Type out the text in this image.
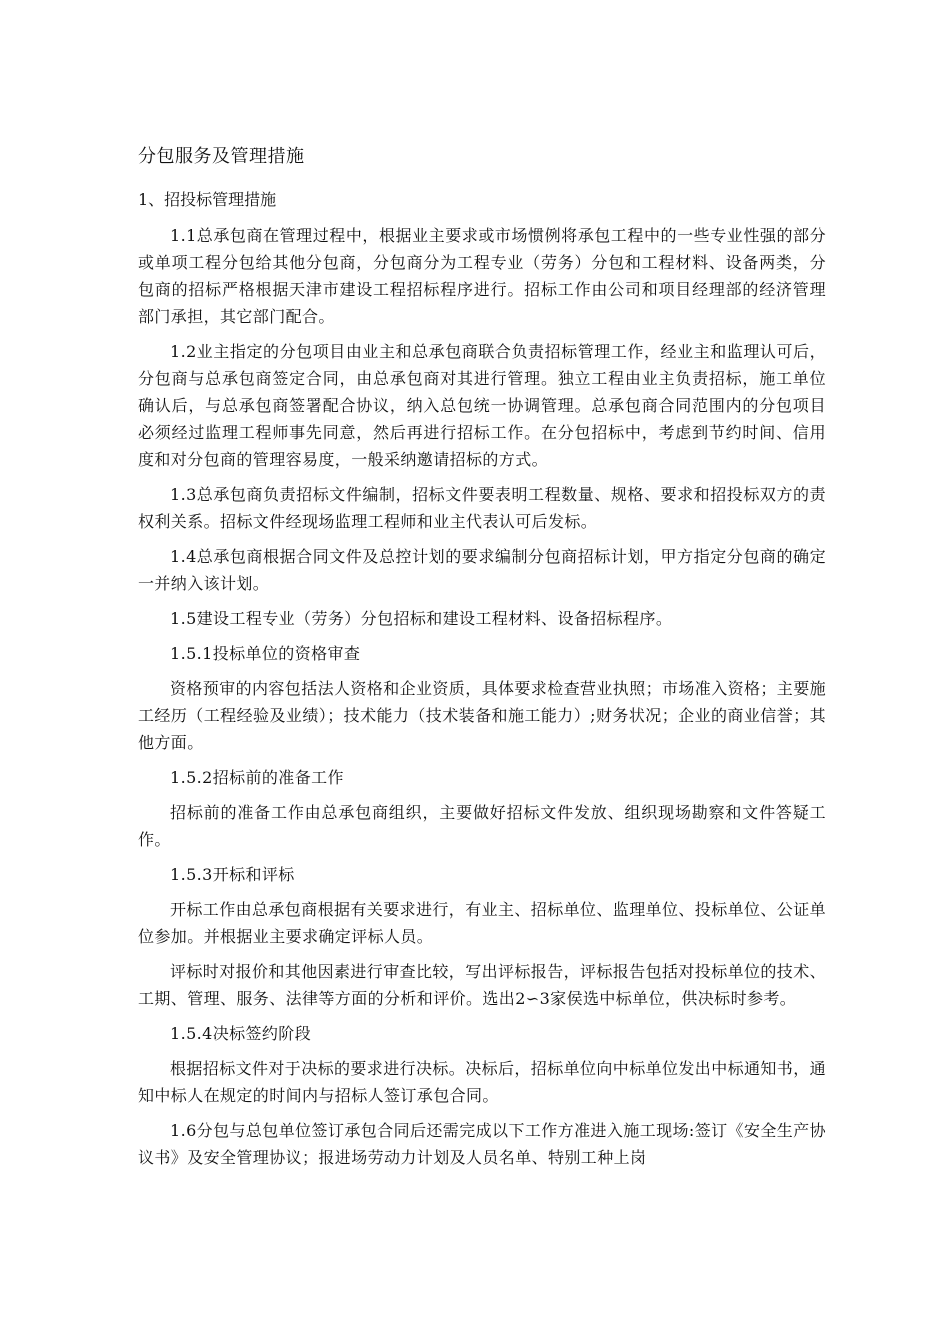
分包服务及管理措施
1、招投标管理措施

1.1总承包商在管理过程中，根据业主要求或市场惯例将承包工程中的一些专业性强的部分或单项工程分包给其他分包商，分包商分为工程专业（劳务）分包和工程材料、设备两类，分包商的招标严格根据天津市建设工程招标程序进行。招标工作由公司和项目经理部的经济管理部门承担，其它部门配合。

1.2业主指定的分包项目由业主和总承包商联合负责招标管理工作，经业主和监理认可后，分包商与总承包商签定合同，由总承包商对其进行管理。独立工程由业主负责招标，施工单位确认后，与总承包商签署配合协议，纳入总包统一协调管理。总承包商合同范围内的分包项目必须经过监理工程师事先同意，然后再进行招标工作。在分包招标中，考虑到节约时间、信用度和对分包商的管理容易度，一般采纳邀请招标的方式。

1.3总承包商负责招标文件编制，招标文件要表明工程数量、规格、要求和招投标双方的责权利关系。招标文件经现场监理工程师和业主代表认可后发标。

1.4总承包商根据合同文件及总控计划的要求编制分包商招标计划，甲方指定分包商的确定一并纳入该计划。

1.5建设工程专业（劳务）分包招标和建设工程材料、设备招标程序。

1.5.1投标单位的资格审查

资格预审的内容包括法人资格和企业资质，具体要求检查营业执照；市场准入资格；主要施工经历（工程经验及业绩）；技术能力（技术装备和施工能力）;财务状况；企业的商业信誉；其他方面。

1.5.2招标前的准备工作

招标前的准备工作由总承包商组织，主要做好招标文件发放、组织现场勘察和文件答疑工作。

1.5.3开标和评标

开标工作由总承包商根据有关要求进行，有业主、招标单位、监理单位、投标单位、公证单位参加。并根据业主要求确定评标人员。

评标时对报价和其他因素进行审查比较，写出评标报告，评标报告包括对投标单位的技术、工期、管理、服务、法律等方面的分析和评价。选出2∽3家侯选中标单位，供决标时参考。

1.5.4决标签约阶段

根据招标文件对于决标的要求进行决标。决标后，招标单位向中标单位发出中标通知书，通知中标人在规定的时间内与招标人签订承包合同。

1.6分包与总包单位签订承包合同后还需完成以下工作方准进入施工现场:签订《安全生产协议书》及安全管理协议；报进场劳动力计划及人员名单、特别工种上岗
